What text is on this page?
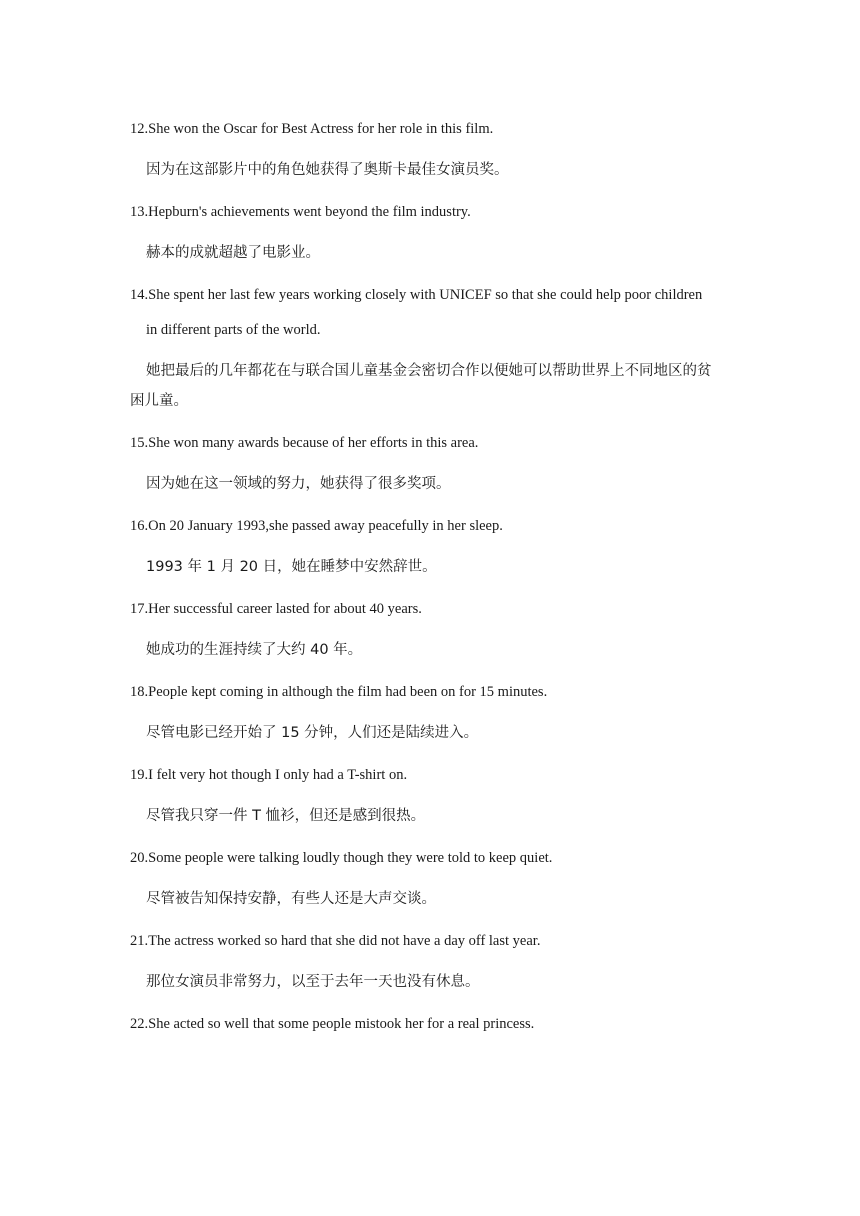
12.She won the Oscar for Best Actress for her role in this film.

因为在这部影片中的角色她获得了奥斯卡最佳女演员奖。

13.Hepburn's achievements went beyond the film industry.

赫本的成就超越了电影业。

14.She spent her last few years working closely with UNICEF so that she could help poor children

in different parts of the world.

她把最后的几年都花在与联合国儿童基金会密切合作以便她可以帮助世界上不同地区的贫困儿童。

15.She won many awards because of her efforts in this area.

因为她在这一领域的努力，她获得了很多奖项。

16.On 20 January 1993,she passed away peacefully in her sleep.

1993 年 1 月 20 日，她在睡梦中安然辞世。

17.Her successful career lasted for about 40 years.

她成功的生涯持续了大约 40 年。

18.People kept coming in although the film had been on for 15 minutes.

尽管电影已经开始了 15 分钟，人们还是陆续进入。

19.I felt very hot though I only had a T-shirt on.

尽管我只穿一件 T 恤衫，但还是感到很热。

20.Some people were talking loudly though they were told to keep quiet.

尽管被告知保持安静，有些人还是大声交谈。

21.The actress worked so hard that she did not have a day off last year.

那位女演员非常努力，以至于去年一天也没有休息。

22.She acted so well that some people mistook her for a real princess.
